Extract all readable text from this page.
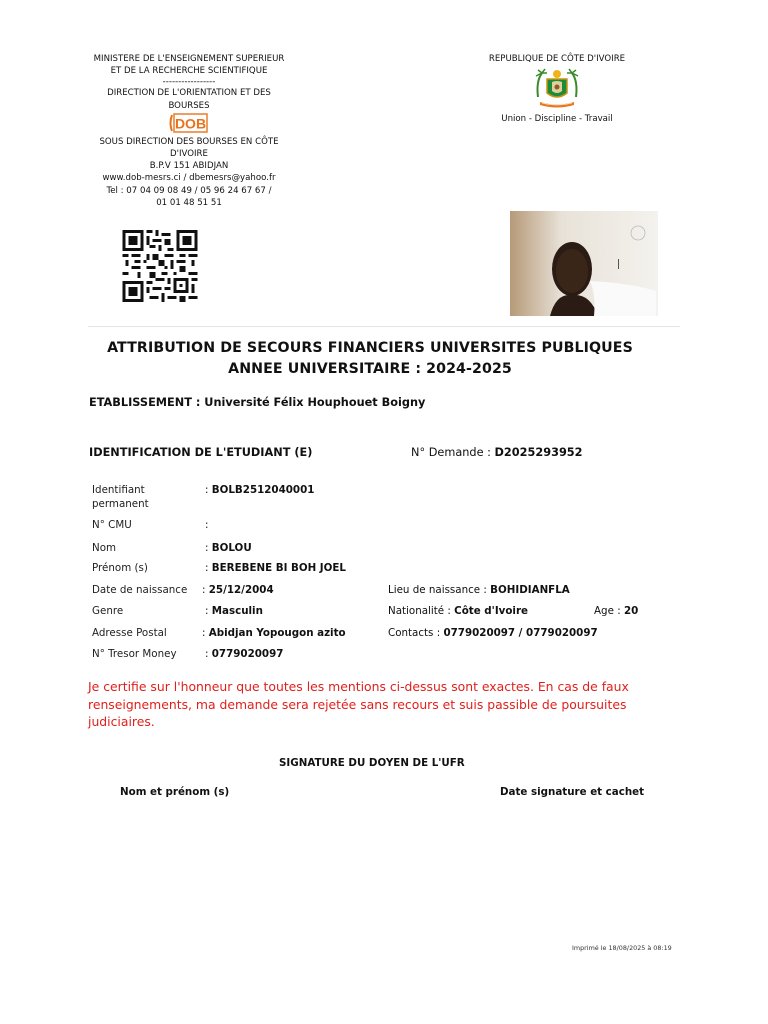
MINISTERE DE L'ENSEIGNEMENT SUPERIEUR
ET DE LA RECHERCHE SCIENTIFIQUE
-----------------
DIRECTION DE L'ORIENTATION ET DES
BOURSES
DOB
SOUS DIRECTION DES BOURSES EN CÔTE
D'IVOIRE
B.P.V 151 ABIDJAN
www.dob-mesrs.ci / dbemesrs@yahoo.fr
Tel : 07 04 09 08 49 / 05 96 24 67 67 /
01 01 48 51 51
REPUBLIQUE DE CÔTE D'IVOIRE
Union - Discipline - Travail
ATTRIBUTION DE SECOURS FINANCIERS UNIVERSITES PUBLIQUES
ANNEE UNIVERSITAIRE : 2024-2025
ETABLISSEMENT : Université Félix Houphouet Boigny
IDENTIFICATION DE L'ETUDIANT (E)	N° Demande : D2025293952
Identifiant
permanent
: BOLB2512040001
N° CMU	:
Nom	: BOLOU
Prénom (s)	: BEREBENE BI BOH JOEL
Date de naissance : 25/12/2004	Lieu de naissance : BOHIDIANFLA
Genre	: Masculin	Nationalité : Côte d'Ivoire	Age : 20
Adresse Postal	: Abidjan Yopougon azito	Contacts : 0779020097 / 0779020097
N° Tresor Money	: 0779020097
Je certifie sur l'honneur que toutes les mentions ci-dessus sont exactes. En cas de faux renseignements, ma demande sera rejetée sans recours et suis passible de poursuites judiciaires.
SIGNATURE DU DOYEN DE L'UFR
Nom et prénom (s)	Date signature et cachet
Imprimé le 18/08/2025 à 08:19
